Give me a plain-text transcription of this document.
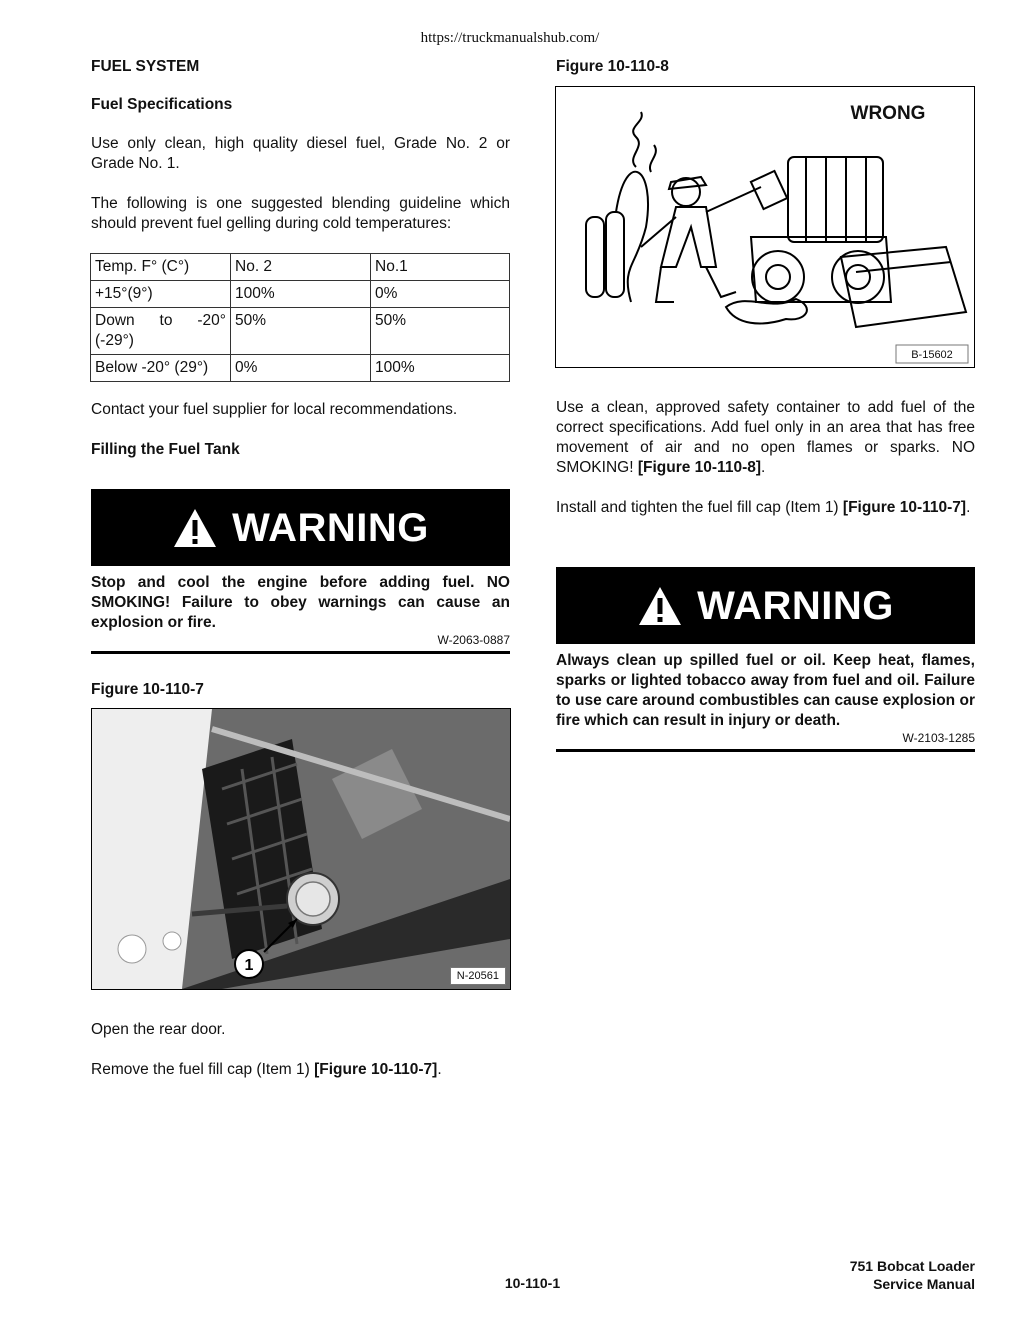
https://truckmanualshub.com/
FUEL SYSTEM
Fuel Specifications

Use only clean, high quality diesel fuel, Grade No. 2 or Grade No. 1.

The following is one suggested blending guideline which should prevent fuel gelling during cold temperatures:

Temp. F° (C°)	No. 2	No.1
+15°(9°)	100%	0%
Down to -20° (-29°)	50%	50%
Below -20° (29°)	0%	100%

Contact your fuel supplier for local recommendations.

Filling the Fuel Tank
WARNING
Stop and cool the engine before adding fuel. NO SMOKING! Failure to obey warnings can cause an explosion or fire.
W-2063-0887
Figure 10-110-7
1
N-20561
Open the rear door.
Remove the fuel fill cap (Item 1) [Figure 10-110-7].
Figure 10-110-8
WRONG
B-15602

Use a clean, approved safety container to add fuel of the correct specifications. Add fuel only in an area that has free movement of air and no open flames or sparks. NO SMOKING! [Figure 10-110-8].

Install and tighten the fuel fill cap (Item 1) [Figure 10-110-7].

WARNING
Always clean up spilled fuel or oil. Keep heat, flames, sparks or lighted tobacco away from fuel and oil. Failure to use care around combustibles can cause explosion or fire which can result in injury or death.
W-2103-1285
10-110-1
751 Bobcat Loader
Service Manual
